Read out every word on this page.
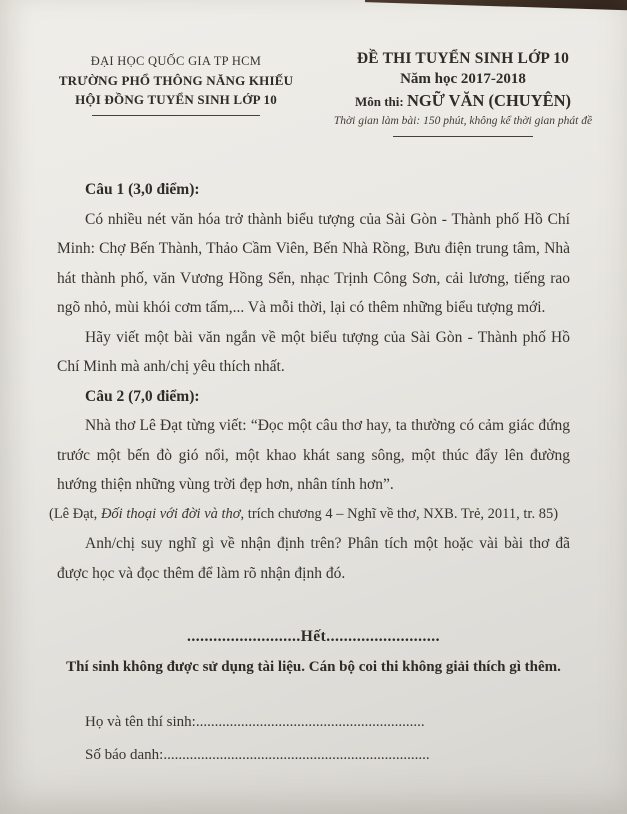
ĐẠI HỌC QUỐC GIA TP HCM
TRƯỜNG PHỔ THÔNG NĂNG KHIẾU
HỘI ĐỒNG TUYỂN SINH LỚP 10
ĐỀ THI TUYỂN SINH LỚP 10
Năm học 2017-2018
Môn thi: NGỮ VĂN (CHUYÊN)
Thời gian làm bài: 150 phút, không kể thời gian phát đề

Câu 1 (3,0 điểm):

Có nhiều nét văn hóa trở thành biểu tượng của Sài Gòn - Thành phố Hồ Chí Minh: Chợ Bến Thành, Thảo Cầm Viên, Bến Nhà Rồng, Bưu điện trung tâm, Nhà hát thành phố, văn Vương Hồng Sển, nhạc Trịnh Công Sơn, cải lương, tiếng rao ngõ nhỏ, mùi khói cơm tấm,... Và mỗi thời, lại có thêm những biểu tượng mới.

Hãy viết một bài văn ngắn về một biểu tượng của Sài Gòn - Thành phố Hồ Chí Minh mà anh/chị yêu thích nhất.

Câu 2 (7,0 điểm):

Nhà thơ Lê Đạt từng viết: “Đọc một câu thơ hay, ta thường có cảm giác đứng trước một bến đò gió nổi, một khao khát sang sông, một thúc đẩy lên đường hướng thiện những vùng trời đẹp hơn, nhân tính hơn”.

(Lê Đạt, Đối thoại với đời và thơ, trích chương 4 – Nghĩ về thơ, NXB. Trẻ, 2011, tr. 85)

Anh/chị suy nghĩ gì về nhận định trên? Phân tích một hoặc vài bài thơ đã được học và đọc thêm để làm rõ nhận định đó.

..........................Hết..........................

Thí sinh không được sử dụng tài liệu. Cán bộ coi thi không giải thích gì thêm.

Họ và tên thí sinh:.............................................................

Số báo danh:.......................................................................
